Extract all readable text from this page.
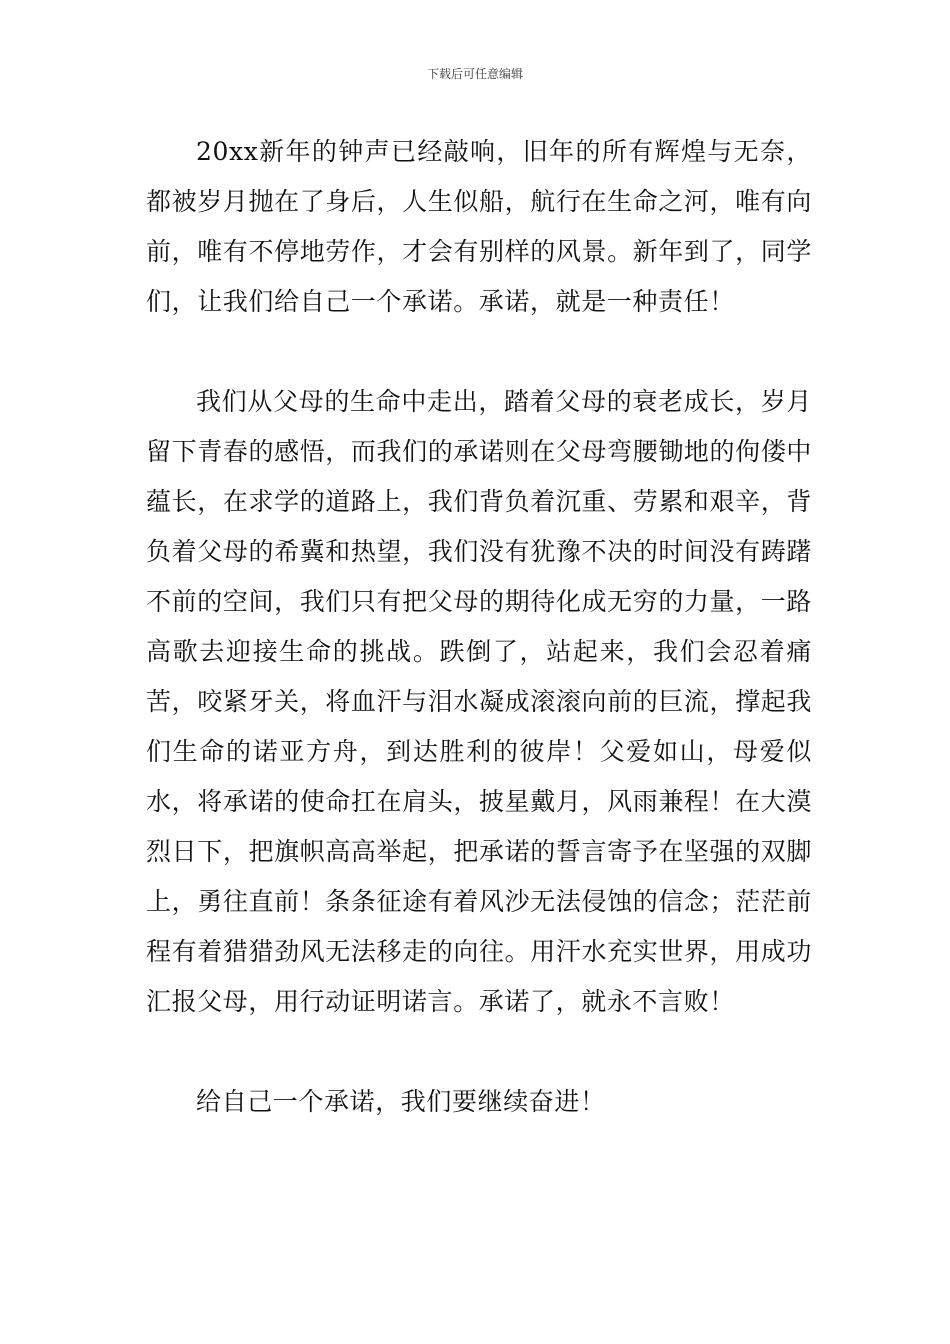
下载后可任意编辑

20xx新年的钟声已经敲响，旧年的所有辉煌与无奈，都被岁月抛在了身后，人生似船，航行在生命之河，唯有向前，唯有不停地劳作，才会有别样的风景。新年到了，同学们，让我们给自己一个承诺。承诺，就是一种责任！

我们从父母的生命中走出，踏着父母的衰老成长，岁月留下青春的感悟，而我们的承诺则在父母弯腰锄地的佝偻中蕴长，在求学的道路上，我们背负着沉重、劳累和艰辛，背负着父母的希冀和热望，我们没有犹豫不决的时间没有踌躇不前的空间，我们只有把父母的期待化成无穷的力量，一路高歌去迎接生命的挑战。跌倒了，站起来，我们会忍着痛苦，咬紧牙关，将血汗与泪水凝成滚滚向前的巨流，撑起我们生命的诺亚方舟，到达胜利的彼岸！父爱如山，母爱似水，将承诺的使命扛在肩头，披星戴月，风雨兼程！在大漠烈日下，把旗帜高高举起，把承诺的誓言寄予在坚强的双脚上，勇往直前！条条征途有着风沙无法侵蚀的信念；茫茫前程有着猎猎劲风无法移走的向往。用汗水充实世界，用成功汇报父母，用行动证明诺言。承诺了，就永不言败！

给自己一个承诺，我们要继续奋进！
